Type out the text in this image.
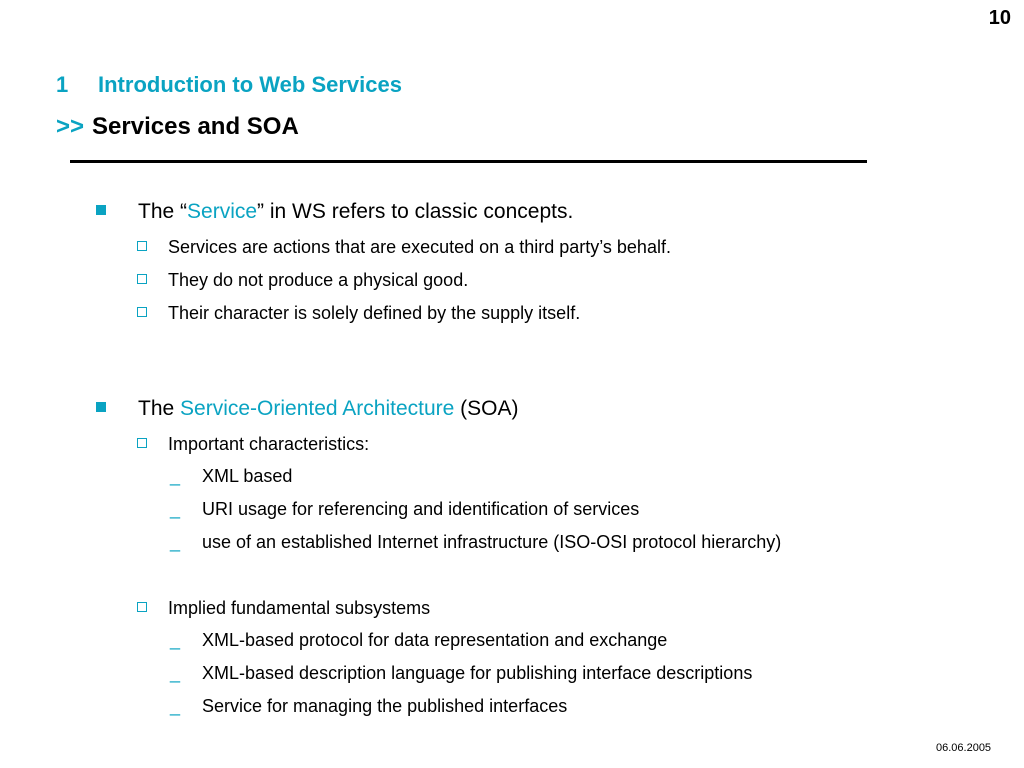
10
1 Introduction to Web Services
>> Services and SOA
The “Service” in WS refers to classic concepts.
Services are actions that are executed on a third party’s behalf.
They do not produce a physical good.
Their character is solely defined by the supply itself.
The Service-Oriented Architecture (SOA)
Important characteristics:
_ XML based
_ URI usage for referencing and identification of services
_ use of an established Internet infrastructure (ISO-OSI protocol hierarchy)
Implied fundamental subsystems
_ XML-based protocol for data representation and exchange
_ XML-based description language for publishing interface descriptions
_ Service for managing the published interfaces
06.06.2005
